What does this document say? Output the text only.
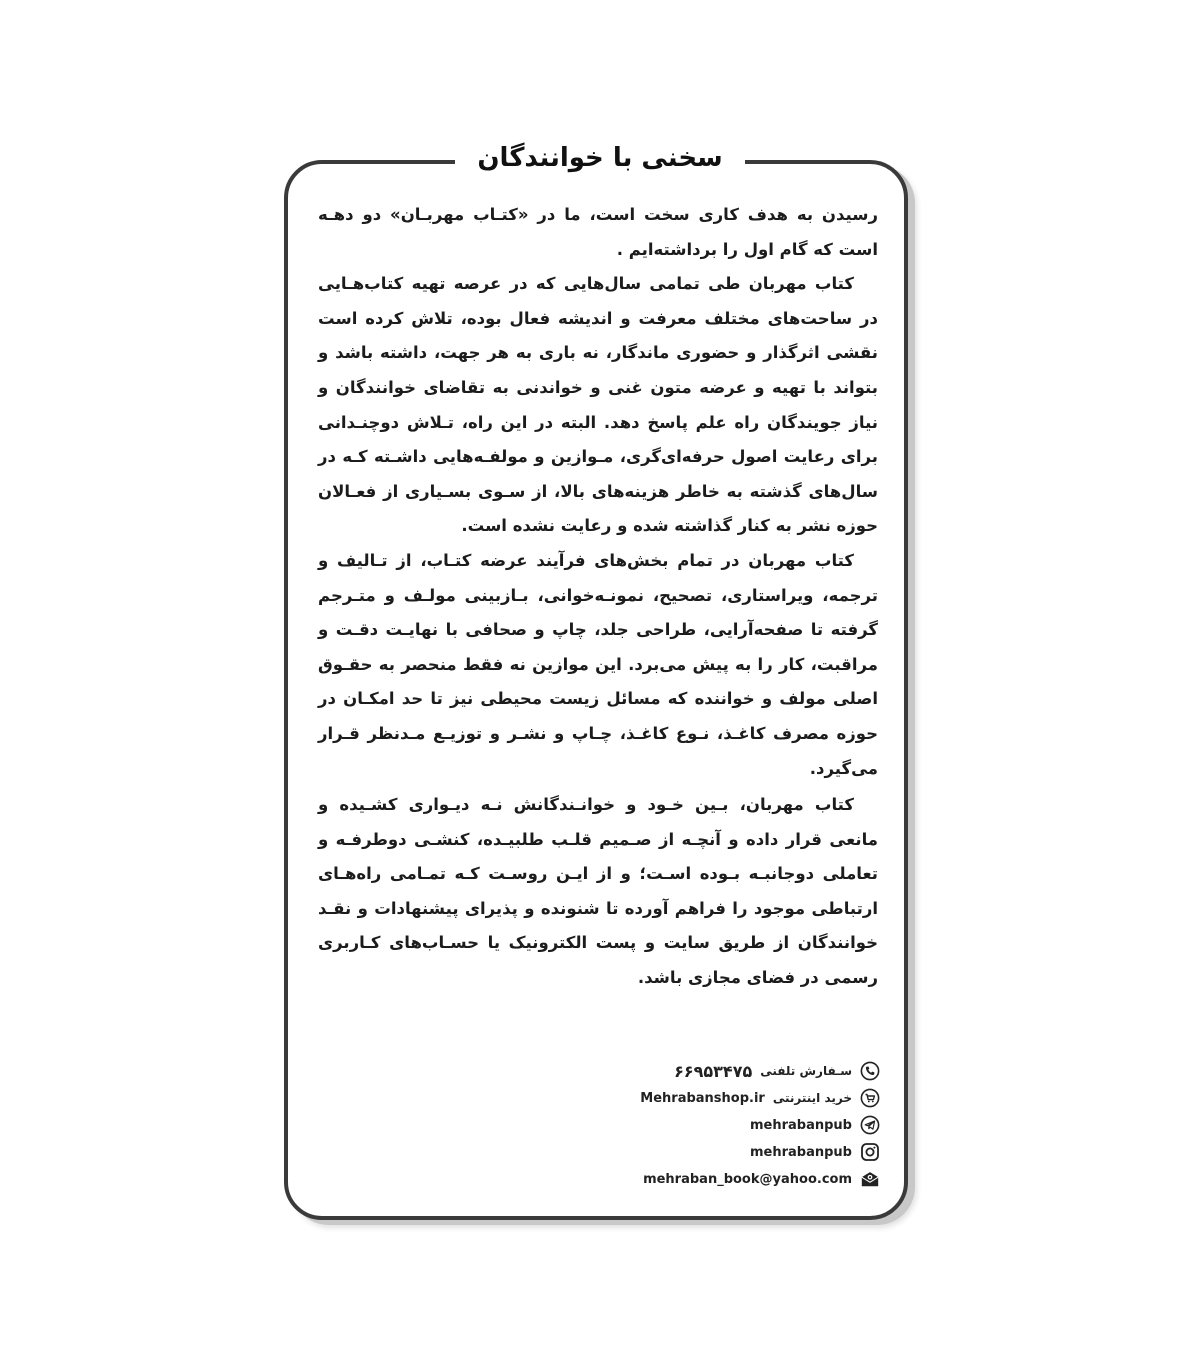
سخنی با خوانندگان

رسیدن به هدف کاری سخت است، ما در «کتـاب مهربـان» دو دهـه است که گام اول را برداشته‌ایم .

کتاب مهربان طی تمامی سال‌هایی که در عرصه تهیه کتاب‌هـایی در ساحت‌های مختلف معرفت و اندیشه فعال بوده، تلاش کرده است نقشی اثرگذار و حضوری ماندگار، نه باری به هر جهت، داشته باشد و بتواند با تهیه و عرضه متون غنی و خواندنی به تقاضای خوانندگان و نیاز جویندگان راه علم پاسخ دهد. البته در این راه، تـلاش دوچنـدانی برای رعایت اصول حرفه‌ای‌گری، مـوازین و مولفـه‌هایی داشـته کـه در سال‌های گذشته به خاطر هزینه‌های بالا، از سـوی بسـیاری از فعـالان حوزه نشر به کنار گذاشته شده و رعایت نشده است.

کتاب مهربان در تمام بخش‌های فرآیند عرضه کتـاب، از تـالیف و ترجمه، ویراستاری، تصحیح، نمونـه‌خوانی، بـازبینی مولـف و متـرجم گرفته تا صفحه‌آرایی، طراحی جلد، چاپ و صحافی با نهایـت دقـت و مراقبت، کار را به پیش می‌برد. این موازین نه فقط منحصر به حقـوق اصلی مولف و خواننده که مسائل زیست محیطی نیز تا حد امکـان در حوزه مصرف کاغـذ، نـوع کاغـذ، چـاپ و نشـر و توزیـع مـدنظر قـرار می‌گیرد.

کتاب مهربان، بـین خـود و خوانـندگانش نـه دیـواری کشـیده و مانعی قرار داده و آنچـه از صـمیم قلـب طلبیـده، کنشـی دوطرفـه و تعاملی دوجانبـه بـوده اسـت؛ و از ایـن روسـت کـه تمـامی راه‌هـای ارتباطی موجود را فراهم آورده تا شنونده و پذیرای پیشنهادات و نقـد خوانندگان از طریق سایت و پست الکترونیک یا حسـاب‌های کـاربری رسمی در فضای مجازی باشد.

سـفارش تلفنی
۶۶۹۵۳۴۷۵
خرید اینترنتی
Mehrabanshop.ir
mehrabanpub
mehrabanpub
mehraban_book@yahoo.com
